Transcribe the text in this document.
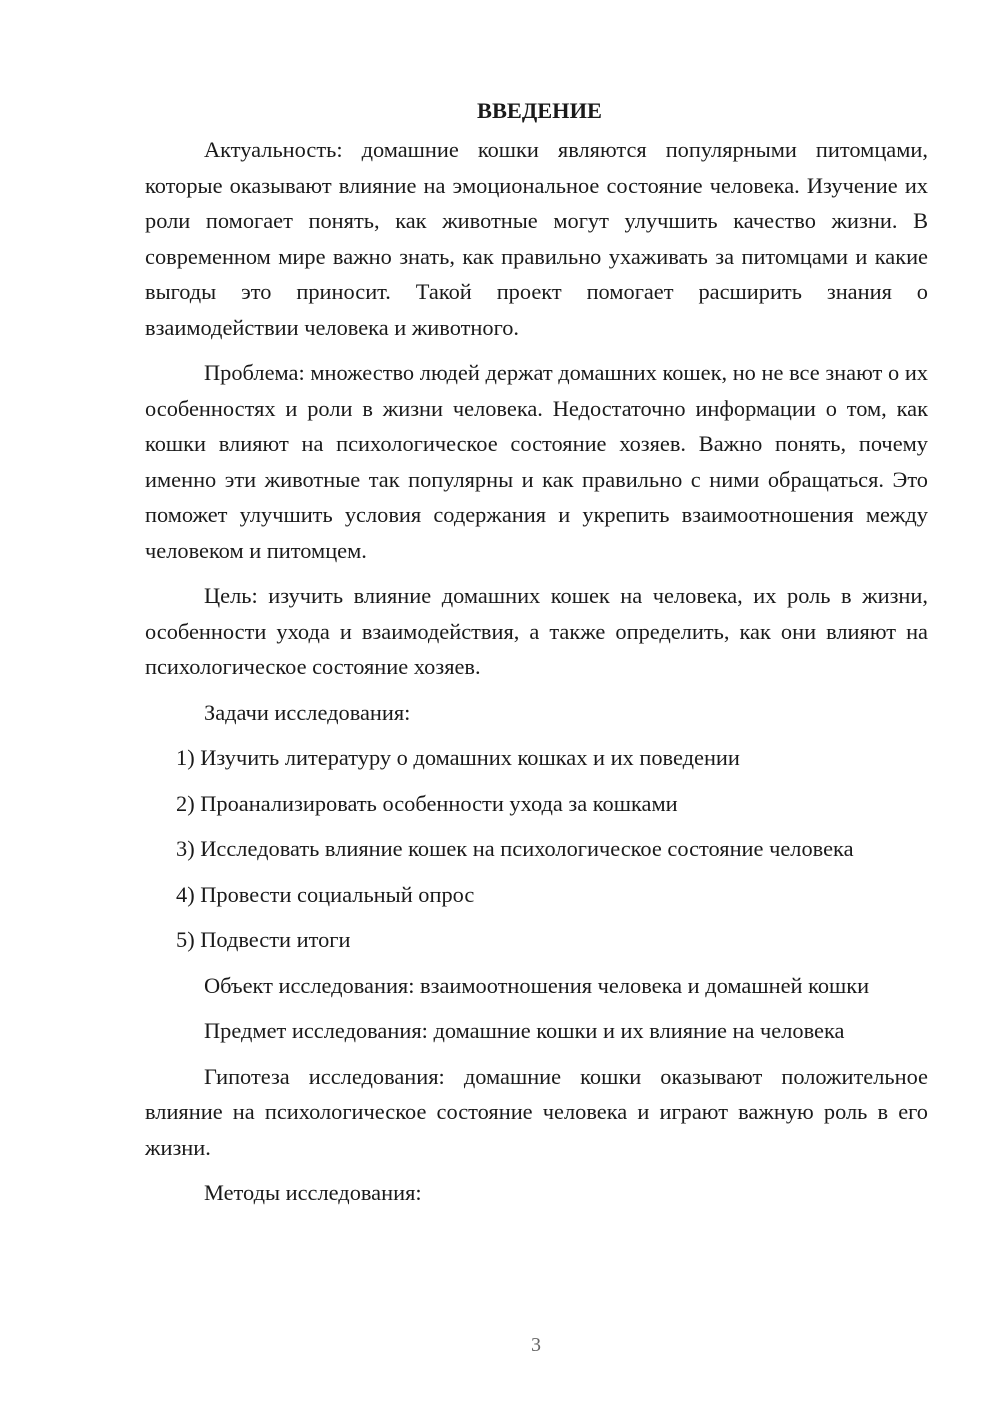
ВВЕДЕНИЕ

Актуальность: домашние кошки являются популярными питомцами, которые оказывают влияние на эмоциональное состояние человека. Изучение их роли помогает понять, как животные могут улучшить качество жизни. В современном мире важно знать, как правильно ухаживать за питомцами и какие выгоды это приносит. Такой проект помогает расширить знания о взаимодействии человека и животного.

Проблема: множество людей держат домашних кошек, но не все знают о их особенностях и роли в жизни человека. Недостаточно информации о том, как кошки влияют на психологическое состояние хозяев. Важно понять, почему именно эти животные так популярны и как правильно с ними обращаться. Это поможет улучшить условия содержания и укрепить взаимоотношения между человеком и питомцем.

Цель: изучить влияние домашних кошек на человека, их роль в жизни, особенности ухода и взаимодействия, а также определить, как они влияют на психологическое состояние хозяев.

Задачи исследования:

1) Изучить литературу о домашних кошках и их поведении
2) Проанализировать особенности ухода за кошками
3) Исследовать влияние кошек на психологическое состояние человека
4) Провести социальный опрос
5) Подвести итоги

Объект исследования: взаимоотношения человека и домашней кошки

Предмет исследования: домашние кошки и их влияние на человека

Гипотеза исследования: домашние кошки оказывают положительное влияние на психологическое состояние человека и играют важную роль в его жизни.

Методы исследования:

3
